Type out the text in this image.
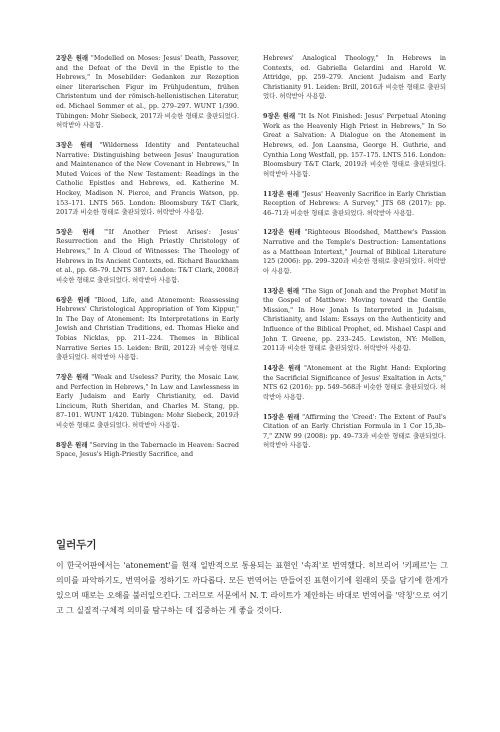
2장은 원래 "Modelled on Moses: Jesus' Death, Passover, and the Defeat of the Devil in the Epistle to the Hebrews," In Mosebilder: Gedanken zur Rezeption einer literarischen Figur im Frühjudentum, frühen Christentum und der römisch-hellenistischen Literatur, ed. Michael Sommer et al., pp. 279–297. WUNT 1/390. Tübingen: Mohr Siebeck, 2017과 비슷한 형태로 출판되었다. 허락받아 사용함.

3장은 원래 "Wilderness Identity and Pentateuchal Narrative: Distinguishing between Jesus' Inauguration and Maintenance of the New Covenant in Hebrews," In Muted Voices of the New Testament: Readings in the Catholic Epistles and Hebrews, ed. Katherine M. Hockey, Madison N. Pierce, and Francis Watson, pp. 153–171. LNTS 565. London: Bloomsbury T&T Clark, 2017과 비슷한 형태로 출판되었다. 허락받아 사용함.

5장은 원래 "'If Another Priest Arises': Jesus' Resurrection and the High Priestly Christology of Hebrews," In A Cloud of Witnesses: The Theology of Hebrews in Its Ancient Contexts, ed. Richard Bauckham et al., pp. 68–79. LNTS 387. London: T&T Clark, 2008과 비슷한 형태로 출판되었다. 허락받아 사용함.

6장은 원래 "Blood, Life, and Atonement: Reassessing Hebrews' Christological Appropriation of Yom Kippur," In The Day of Atonement: Its Interpretations in Early Jewish and Christian Traditions, ed. Thomas Hieke and Tobias Nicklas, pp. 211–224. Themes in Biblical Narrative Series 15. Leiden: Brill, 2012과 비슷한 형태로 출판되었다. 허락받아 사용함.

7장은 원래 "Weak and Useless? Purity, the Mosaic Law, and Perfection in Hebrews," In Law and Lawlessness in Early Judaism and Early Christianity, ed. David Lincicum, Ruth Sheridan, and Charles M. Stang, pp. 87–101. WUNT 1/420. Tübingen: Mohr Siebeck, 2019과 비슷한 형태로 출판되었다. 허락받아 사용함.

8장은 원래 "Serving in the Tabernacle in Heaven: Sacred Space, Jesus's High-Priestly Sacrifice, and

Hebrews' Analogical Theology," In Hebrews in Contexts, ed. Gabriella Gelardini and Harold W. Attridge, pp. 259–279. Ancient Judaism and Early Christianity 91. Leiden: Brill, 2016과 비슷한 형태로 출판되었다. 허락받아 사용함.

9장은 원래 "It Is Not Finished: Jesus' Perpetual Atoning Work as the Heavenly High Priest in Hebrews," In So Great a Salvation: A Dialogue on the Atonement in Hebrews, ed. Jon Laansma, George H. Guthrie, and Cynthia Long Westfall, pp. 157–175. LNTS 516. London: Bloomsbury T&T Clark, 2019과 비슷한 형태로 출판되었다. 허락받아 사용함.

11장은 원래 "Jesus' Heavenly Sacrifice in Early Christian Reception of Hebrews: A Survey," JTS 68 (2017): pp. 46–71과 비슷한 형태로 출판되었다. 허락받아 사용함.

12장은 원래 "Righteous Bloodshed, Matthew's Passion Narrative and the Temple's Destruction: Lamentations as a Matthean Intertext," Journal of Biblical Literature 125 (2006): pp. 299–320과 비슷한 형태로 출판되었다. 허락받아 사용함.

13장은 원래 "The Sign of Jonah and the Prophet Motif in the Gospel of Matthew: Moving toward the Gentile Mission," In How Jonah Is Interpreted in Judaism, Christianity, and Islam: Essays on the Authenticity and Influence of the Biblical Prophet, ed. Mishael Caspi and John T. Greene, pp. 233–245. Lewiston, NY: Mellen, 2011과 비슷한 형태로 출판되었다. 허락받아 사용함.

14장은 원래 "Atonement at the Right Hand: Exploring the Sacrificial Significance of Jesus' Exaltation in Acts," NTS 62 (2016): pp. 549–568과 비슷한 형태로 출판되었다. 허락받아 사용함.

15장은 원래 "Affirming the 'Creed': The Extent of Paul's Citation of an Early Christian Formula in 1 Cor 15,3b–7," ZNW 99 (2008): pp. 49–73과 비슷한 형태로 출판되었다. 허락받아 사용함.

일러두기

이 한국어판에서는 'atonement'를 현재 일반적으로 통용되는 표현인 '속죄'로 번역했다. 히브리어 '키페르'는 그 의미를 파악하기도, 번역어를 정하기도 까다롭다. 모든 번역어는 만들어진 표현이기에 원래의 뜻을 담기에 한계가 있으며 때로는 오해를 불러일으킨다. 그러므로 서문에서 N. T. 라이트가 제안하는 바대로 번역어를 '약칭'으로 여기고 그 실질적·구체적 의미를 탐구하는 데 집중하는 게 좋을 것이다.
